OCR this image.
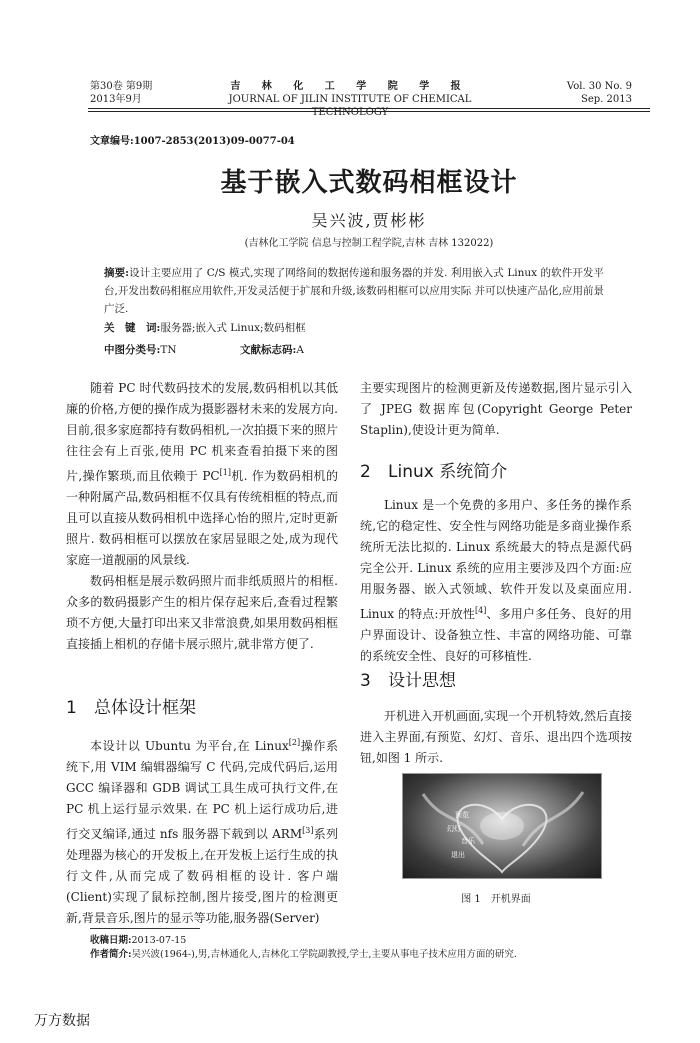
第30卷 第9期
2013年9月
吉 林 化 工 学 院 学 报
JOURNAL OF JILIN INSTITUTE OF CHEMICAL TECHNOLOGY
Vol. 30 No. 9
Sep. 2013
文章编号:1007-2853(2013)09-0077-04
基于嵌入式数码相框设计
吴兴波,贾彬彬
(吉林化工学院 信息与控制工程学院,吉林 吉林 132022)
摘要:设计主要应用了 C/S 模式,实现了网络间的数据传递和服务器的并发. 利用嵌入式 Linux 的软件开发平台,开发出数码相框应用软件,开发灵活便于扩展和升级,该数码相框可以应用实际 并可以快速产品化,应用前景广泛.
关　键　词:服务器;嵌入式 Linux;数码相框
中图分类号:TN	文献标志码:A

随着 PC 时代数码技术的发展,数码相机以其低廉的价格,方便的操作成为摄影器材未来的发展方向. 目前,很多家庭都持有数码相机,一次拍摄下来的照片往往会有上百张,使用 PC 机来查看拍摄下来的图片,操作繁琐,而且依赖于 PC[1]机. 作为数码相机的一种附属产品,数码相框不仅具有传统相框的特点,而且可以直接从数码相机中选择心怡的照片,定时更新照片. 数码相框可以摆放在家居显眼之处,成为现代家庭一道靓丽的风景线.

数码相框是展示数码照片而非纸质照片的相框. 众多的数码摄影产生的相片保存起来后,查看过程繁琐不方便,大量打印出来又非常浪费,如果用数码相框直接插上相机的存储卡展示照片,就非常方便了.

1 总体设计框架

本设计以 Ubuntu 为平台,在 Linux[2]操作系统下,用 VIM 编辑器编写 C 代码,完成代码后,运用 GCC 编译器和 GDB 调试工具生成可执行文件,在 PC 机上运行显示效果. 在 PC 机上运行成功后,进行交叉编译,通过 nfs 服务器下载到以 ARM[3]系列处理器为核心的开发板上,在开发板上运行生成的执行文件,从而完成了数码相框的设计. 客户端(Client)实现了鼠标控制,图片接受,图片的检测更新,背景音乐,图片的显示等功能,服务器(Server)

主要实现图片的检测更新及传递数据,图片显示引入了 JPEG 数据库包(Copyright George Peter Staplin),使设计更为简单.

2 Linux 系统简介

Linux 是一个免费的多用户、多任务的操作系统,它的稳定性、安全性与网络功能是多商业操作系统所无法比拟的. Linux 系统最大的特点是源代码完全公开. Linux 系统的应用主要涉及四个方面:应用服务器、嵌入式领域、软件开发以及桌面应用. Linux 的特点:开放性[4]、多用户多任务、良好的用户界面设计、设备独立性、丰富的网络功能、可靠的系统安全性、良好的可移植性.

3 设计思想

开机进入开机画面,实现一个开机特效,然后直接进入主界面,有预览、幻灯、音乐、退出四个选项按钮,如图 1 所示.

预览
幻灯
音乐
退出
图 1　开机界面
收稿日期:2013-07-15
作者简介:吴兴波(1964-),男,吉林通化人,吉林化工学院副教授,学士,主要从事电子技术应用方面的研究.
万方数据
